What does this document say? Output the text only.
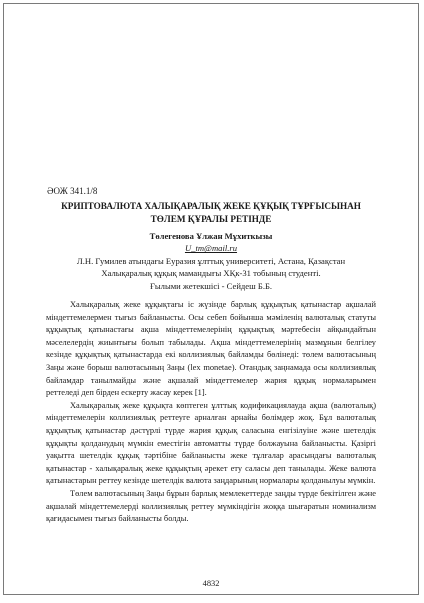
ӘОЖ 341.1/8
КРИПТОВАЛЮТА ХАЛЫҚАРАЛЫҚ ЖЕКЕ ҚҰҚЫҚ ТҰРҒЫСЫНАН
ТӨЛЕМ ҚҰРАЛЫ РЕТІНДЕ
Төлегенова Ұлжан Мұхиткызы
U_tm@mail.ru
Л.Н. Гумилев атындағы Еуразия ұлттық университеті, Астана, Қазақстан
Халықаралық құқық мамандығы ХҚк-31 тобының студенті.
Ғылыми жетекшісі - Сейдеш Б.Б.

Халықаралық жеке құқықтағы іс жүзінде барлық құқықтық қатынастар ақшалай міндеттемелермен тығыз байланысты. Осы себеп бойынша мәміленің валюталық статуты құқықтық қатынастағы ақша міндеттемелерінің құқықтық мәртебесін айқындайтын мәселелердің жиынтығы болып табылады. Ақша міндеттемелерінің мазмұнын белгілеу кезінде құқықтық қатынастарда екі коллизиялық байламды бөлінеді: төлем валютасының Заңы және борыш валютасының Заңы (lex monetae). Отандық заңнамада осы коллизиялық байламдар танылмайды және ақшалай міндеттемелер жария құқық нормаларымен реттеледі деп бірден ескерту жасау керек [1].

Халықаралық жеке құқықта көптеген ұлттық кодификациялауда ақша (валюталық) міндеттемелерін коллизиялық реттеуге арналған арнайы бөлімдер жоқ. Бұл валюталық құқықтық қатынастар дәстүрлі түрде жария құқық саласына енгізілуіне және шетелдік құқықты қолданудың мүмкін еместігін автоматты түрде болжауына байланысты. Қазіргі уақытта шетелдік құқық тәртібіне байланысты жеке тұлғалар арасындағы валюталық қатынастар - халықаралық жеке құқықтың әрекет ету саласы деп танылады. Жеке валюта қатынастарын реттеу кезінде шетелдік валюта заңдарының нормалары қолданылуы мүмкін.

Төлем валютасының Заңы бұрын барлық мемлекеттерде заңды түрде бекітілген және ақшалай міндеттемелерді коллизиялық реттеу мүмкіндігін жоққа шығаратын номинализм қағидасымен тығыз байланысты болды.

4832
